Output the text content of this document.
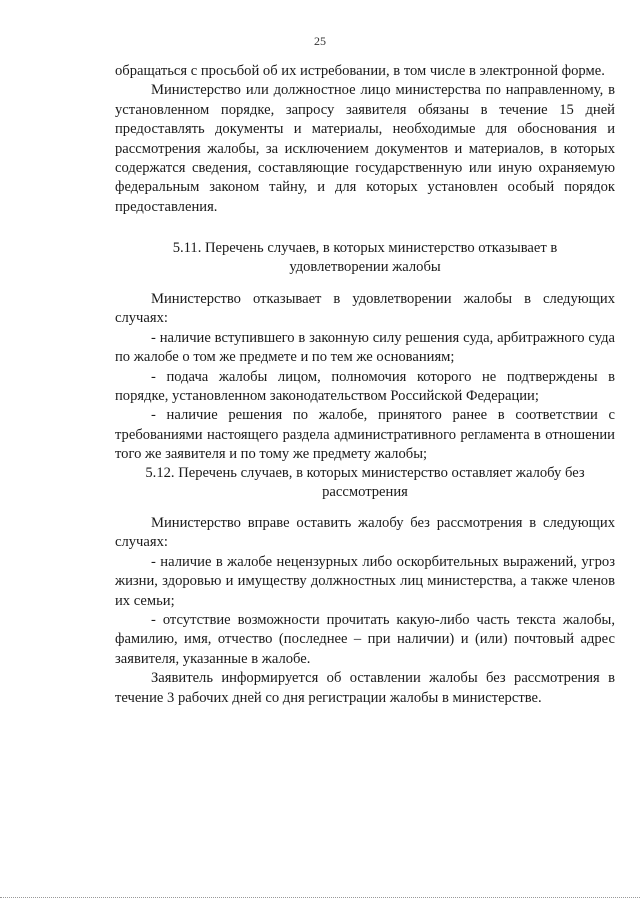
25

обращаться с просьбой об их истребовании, в том числе в электронной форме.

Министерство или должностное лицо министерства по направленному, в установленном порядке, запросу заявителя обязаны в течение 15 дней предоставлять документы и материалы, необходимые для обоснования и рассмотрения жалобы, за исключением документов и материалов, в которых содержатся сведения, составляющие государственную или иную охраняемую федеральным законом тайну, и для которых установлен особый порядок предоставления.

5.11. Перечень случаев, в которых министерство отказывает в
удовлетворении жалобы

Министерство отказывает в удовлетворении жалобы в следующих случаях:

- наличие вступившего в законную силу решения суда, арбитражного суда по жалобе о том же предмете и по тем же основаниям;

- подача жалобы лицом, полномочия которого не подтверждены в порядке, установленном законодательством Российской Федерации;

- наличие решения по жалобе, принятого ранее в соответствии с требованиями настоящего раздела административного регламента в отношении того же заявителя и по тому же предмету жалобы;

5.12. Перечень случаев, в которых министерство оставляет жалобу без
рассмотрения

Министерство вправе оставить жалобу без рассмотрения в следующих случаях:

- наличие в жалобе нецензурных либо оскорбительных выражений, угроз жизни, здоровью и имуществу должностных лиц министерства, а также членов их семьи;

- отсутствие возможности прочитать какую-либо часть текста жалобы, фамилию, имя, отчество (последнее – при наличии) и (или) почтовый адрес заявителя, указанные в жалобе.

Заявитель информируется об оставлении жалобы без рассмотрения в течение 3 рабочих дней со дня регистрации жалобы в министерстве.
